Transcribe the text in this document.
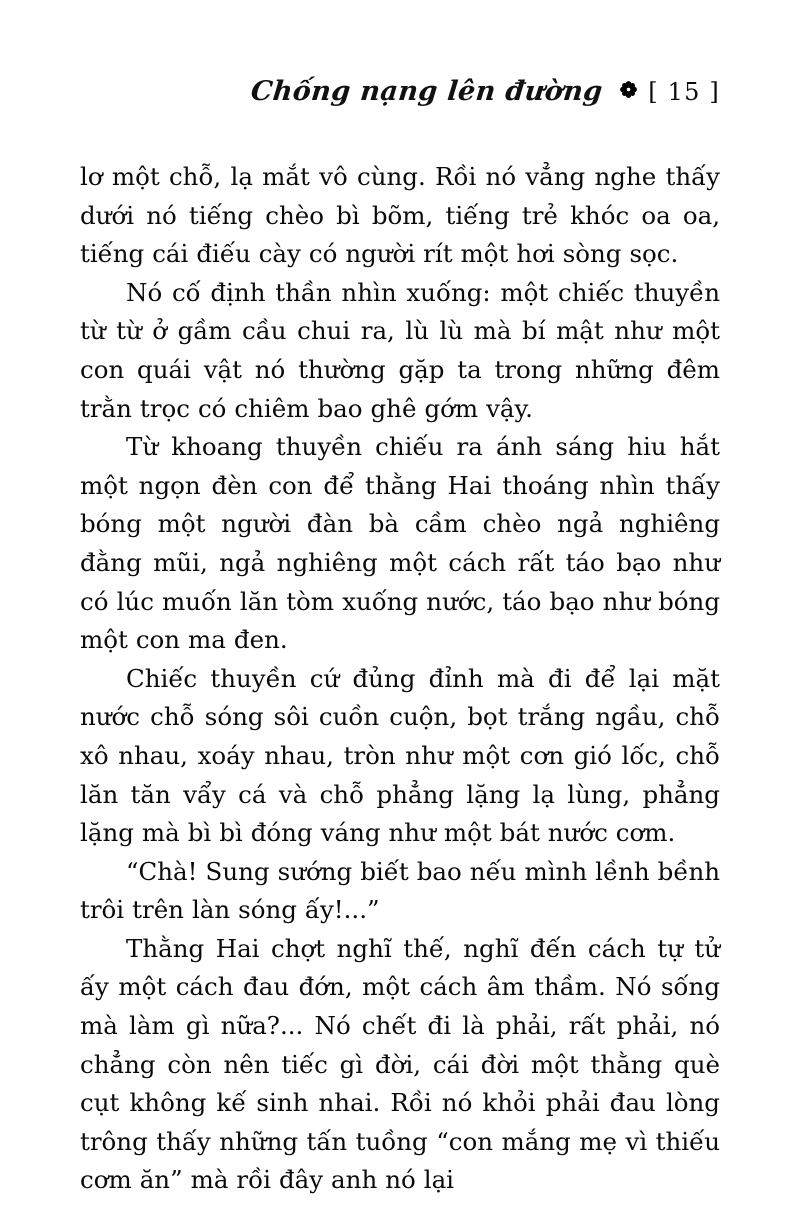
Chống nạng lên đường	[ 15 ]

lơ một chỗ, lạ mắt vô cùng. Rồi nó vẳng nghe thấy dưới nó tiếng chèo bì bõm, tiếng trẻ khóc oa oa, tiếng cái điếu cày có người rít một hơi sòng sọc.

Nó cố định thần nhìn xuống: một chiếc thuyền từ từ ở gầm cầu chui ra, lù lù mà bí mật như một con quái vật nó thường gặp ta trong những đêm trằn trọc có chiêm bao ghê gớm vậy.

Từ khoang thuyền chiếu ra ánh sáng hiu hắt một ngọn đèn con để thằng Hai thoáng nhìn thấy bóng một người đàn bà cầm chèo ngả nghiêng đằng mũi, ngả nghiêng một cách rất táo bạo như có lúc muốn lăn tòm xuống nước, táo bạo như bóng một con ma đen.

Chiếc thuyền cứ đủng đỉnh mà đi để lại mặt nước chỗ sóng sôi cuồn cuộn, bọt trắng ngầu, chỗ xô nhau, xoáy nhau, tròn như một cơn gió lốc, chỗ lăn tăn vẩy cá và chỗ phẳng lặng lạ lùng, phẳng lặng mà bì bì đóng váng như một bát nước cơm.

“Chà! Sung sướng biết bao nếu mình lềnh bềnh trôi trên làn sóng ấy!...”

Thằng Hai chợt nghĩ thế, nghĩ đến cách tự tử ấy một cách đau đớn, một cách âm thầm. Nó sống mà làm gì nữa?... Nó chết đi là phải, rất phải, nó chẳng còn nên tiếc gì đời, cái đời một thằng què cụt không kế sinh nhai. Rồi nó khỏi phải đau lòng trông thấy những tấn tuồng “con mắng mẹ vì thiếu cơm ăn” mà rồi đây anh nó lại
